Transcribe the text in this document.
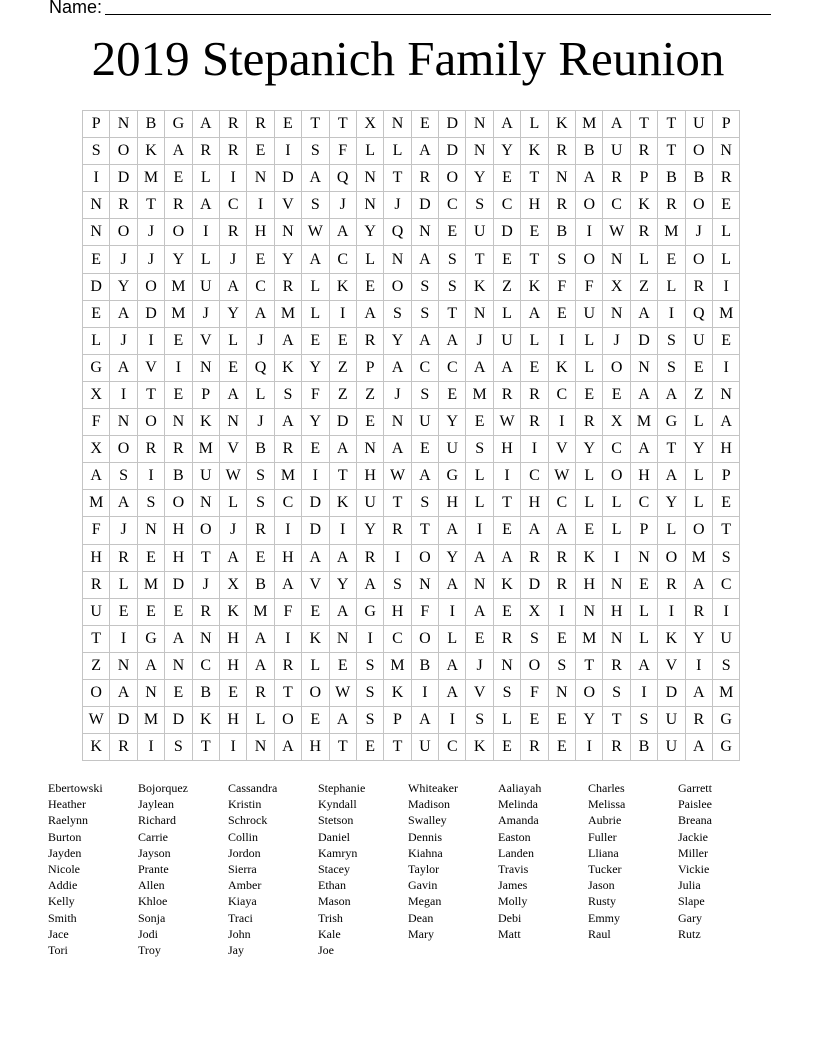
Name:
2019 Stepanich Family Reunion
P	N	B	G	A	R	R	E	T	T	X	N	E	D	N	A	L	K	M	A	T	T	U	P
S	O	K	A	R	R	E	I	S	F	L	L	A	D	N	Y	K	R	B	U	R	T	O	N
I	D	M	E	L	I	N	D	A	Q	N	T	R	O	Y	E	T	N	A	R	P	B	B	R
N	R	T	R	A	C	I	V	S	J	N	J	D	C	S	C	H	R	O	C	K	R	O	E
N	O	J	O	I	R	H	N	W	A	Y	Q	N	E	U	D	E	B	I	W	R	M	J	L
E	J	J	Y	L	J	E	Y	A	C	L	N	A	S	T	E	T	S	O	N	L	E	O	L
D	Y	O	M	U	A	C	R	L	K	E	O	S	S	K	Z	K	F	F	X	Z	L	R	I
E	A	D	M	J	Y	A	M	L	I	A	S	S	T	N	L	A	E	U	N	A	I	Q	M
L	J	I	E	V	L	J	A	E	E	R	Y	A	A	J	U	L	I	L	J	D	S	U	E
G	A	V	I	N	E	Q	K	Y	Z	P	A	C	C	A	A	E	K	L	O	N	S	E	I
X	I	T	E	P	A	L	S	F	Z	Z	J	S	E	M	R	R	C	E	E	A	A	Z	N
F	N	O	N	K	N	J	A	Y	D	E	N	U	Y	E	W	R	I	R	X	M	G	L	A
X	O	R	R	M	V	B	R	E	A	N	A	E	U	S	H	I	V	Y	C	A	T	Y	H
A	S	I	B	U	W	S	M	I	T	H	W	A	G	L	I	C	W	L	O	H	A	L	P
M	A	S	O	N	L	S	C	D	K	U	T	S	H	L	T	H	C	L	L	C	Y	L	E
F	J	N	H	O	J	R	I	D	I	Y	R	T	A	I	E	A	A	E	L	P	L	O	T
H	R	E	H	T	A	E	H	A	A	R	I	O	Y	A	A	R	R	K	I	N	O	M	S
R	L	M	D	J	X	B	A	V	Y	A	S	N	A	N	K	D	R	H	N	E	R	A	C
U	E	E	E	R	K	M	F	E	A	G	H	F	I	A	E	X	I	N	H	L	I	R	I
T	I	G	A	N	H	A	I	K	N	I	C	O	L	E	R	S	E	M	N	L	K	Y	U
Z	N	A	N	C	H	A	R	L	E	S	M	B	A	J	N	O	S	T	R	A	V	I	S
O	A	N	E	B	E	R	T	O	W	S	K	I	A	V	S	F	N	O	S	I	D	A	M
W	D	M	D	K	H	L	O	E	A	S	P	A	I	S	L	E	E	Y	T	S	U	R	G
K	R	I	S	T	I	N	A	H	T	E	T	U	C	K	E	R	E	I	R	B	U	A	G
Ebertowski
Heather
Raelynn
Burton
Jayden
Nicole
Addie
Kelly
Smith
Jace
Tori
Bojorquez
Jaylean
Richard
Carrie
Jayson
Prante
Allen
Khloe
Sonja
Jodi
Troy
Cassandra
Kristin
Schrock
Collin
Jordon
Sierra
Amber
Kiaya
Traci
John
Jay
Stephanie
Kyndall
Stetson
Daniel
Kamryn
Stacey
Ethan
Mason
Trish
Kale
Joe
Whiteaker
Madison
Swalley
Dennis
Kiahna
Taylor
Gavin
Megan
Dean
Mary
Aaliayah
Melinda
Amanda
Easton
Landen
Travis
James
Molly
Debi
Matt
Charles
Melissa
Aubrie
Fuller
Lliana
Tucker
Jason
Rusty
Emmy
Raul
Garrett
Paislee
Breana
Jackie
Miller
Vickie
Julia
Slape
Gary
Rutz
